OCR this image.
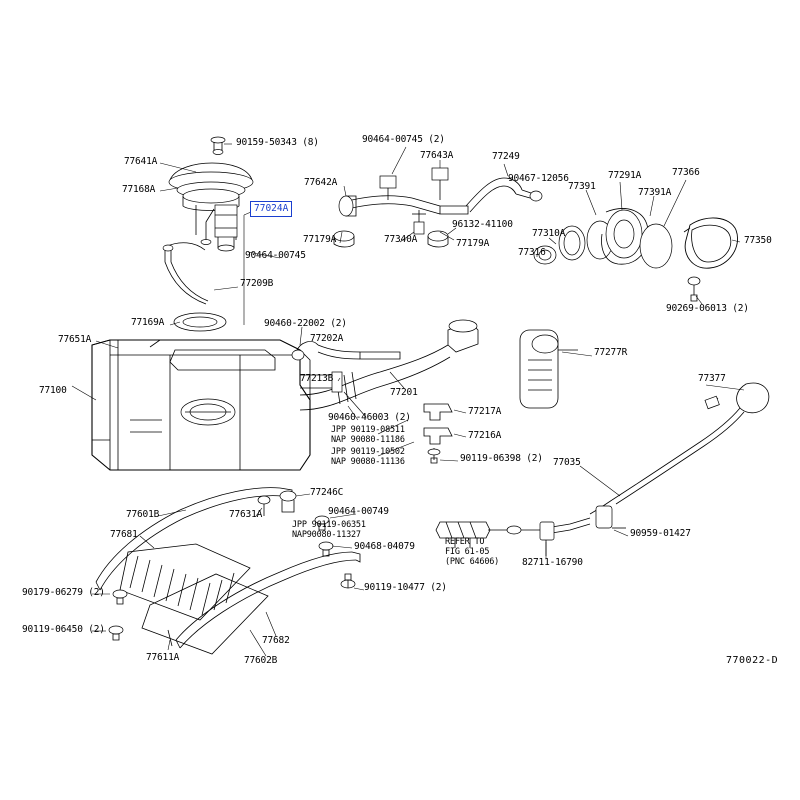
77641A
77168A
90159-50343 (8)	90464-00745 (2)
77643A	77249
90467-12056
77366
77291A
77391
77391A
77642A
77350
77310A
77316
96132-41100
77179A	77340A	77179A
90464-00745
77209B
90269-06013 (2)
77169A
77651A
90460-22002 (2)
77202A
77277R
77377
77100
77213B
77201
90460-46003 (2)
77217A
77216A
JPP 90119-08511
NAP 90080-11186
JPP 90119-10502
NAP 90080-11136	90119-06398 (2) 77035
77246C
77601B	77631A
77681
90464-00749
JPP 90119-06351
NAP90080-11327
90468-04079
90959-01427
82711-16790
REFER TO
FIG 61-05
(PNC 64606)
90179-06279 (2)	90119-10477 (2)
90119-06450 (2)
77611A
77682
77602B
77024A
770022-D
